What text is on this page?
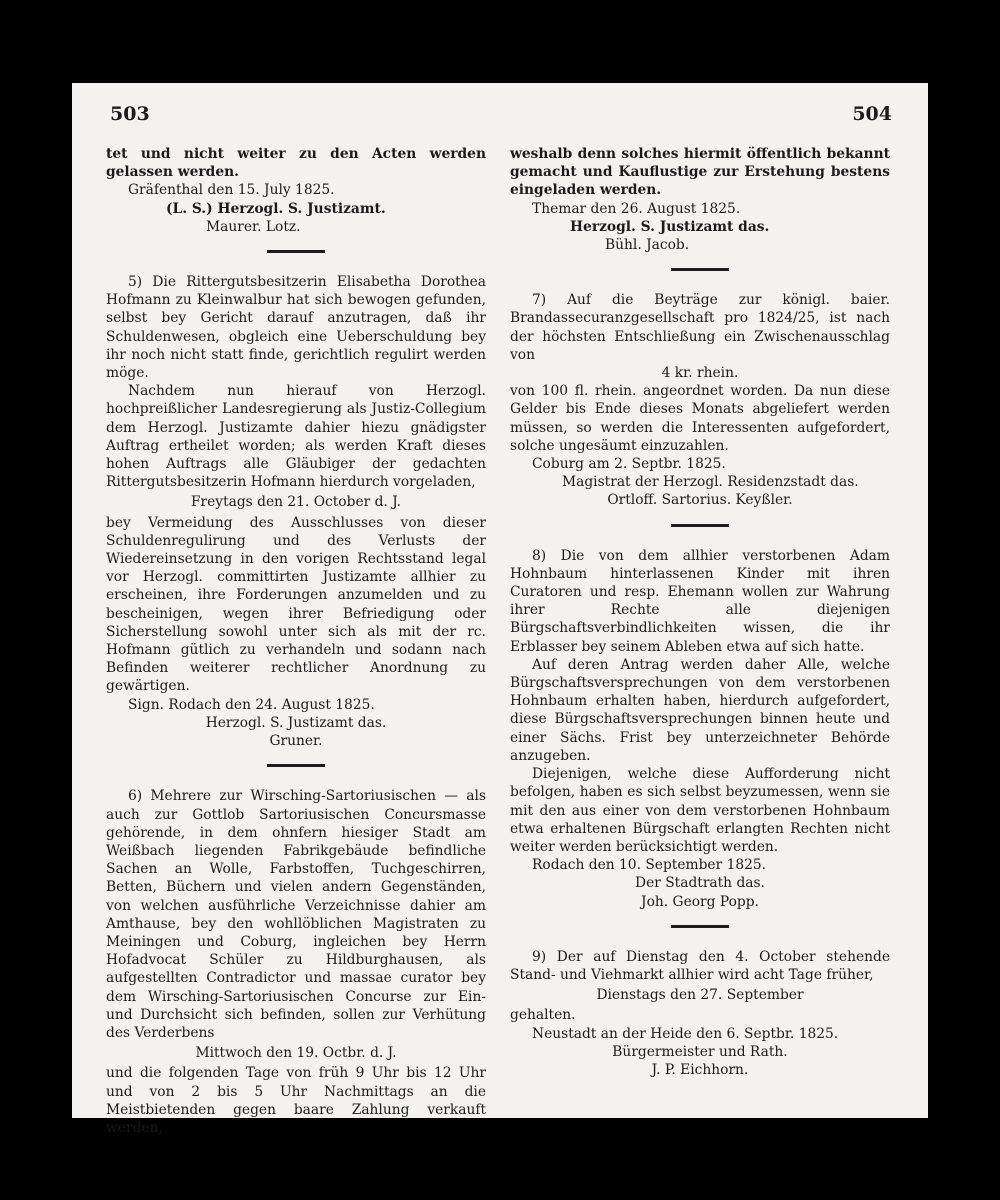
503	504

tet und nicht weiter zu den Acten werden gelassen werden.

Gräfenthal den 15. July 1825.

(L. S.) Herzogl. S. Justizamt.

Maurer. Lotz.

5) Die Rittergutsbesitzerin Elisabetha Dorothea Hofmann zu Kleinwalbur hat sich bewogen gefunden, selbst bey Gericht darauf anzutragen, daß ihr Schuldenwesen, obgleich eine Ueberschuldung bey ihr noch nicht statt finde, gerichtlich regulirt werden möge.

Nachdem nun hierauf von Herzogl. hochpreißlicher Landesregierung als Justiz-Collegium dem Herzogl. Justizamte dahier hiezu gnädigster Auftrag ertheilet worden; als werden Kraft dieses hohen Auftrags alle Gläubiger der gedachten Rittergutsbesitzerin Hofmann hierdurch vorgeladen,

Freytags den 21. October d. J.

bey Vermeidung des Ausschlusses von dieser Schuldenregulirung und des Verlusts der Wiedereinsetzung in den vorigen Rechtsstand legal vor Herzogl. committirten Justizamte allhier zu erscheinen, ihre Forderungen anzumelden und zu bescheinigen, wegen ihrer Befriedigung oder Sicherstellung sowohl unter sich als mit der rc. Hofmann gütlich zu verhandeln und sodann nach Befinden weiterer rechtlicher Anordnung zu gewärtigen.

Sign. Rodach den 24. August 1825.

Herzogl. S. Justizamt das.

Gruner.

6) Mehrere zur Wirsching-Sartoriusischen — als auch zur Gottlob Sartoriusischen Concursmasse gehörende, in dem ohnfern hiesiger Stadt am Weißbach liegenden Fabrikgebäude befindliche Sachen an Wolle, Farbstoffen, Tuchgeschirren, Betten, Büchern und vielen andern Gegenständen, von welchen ausführliche Verzeichnisse dahier am Amthause, bey den wohllöblichen Magistraten zu Meiningen und Coburg, ingleichen bey Herrn Hofadvocat Schüler zu Hildburghausen, als aufgestellten Contradictor und massae curator bey dem Wirsching-Sartoriusischen Concurse zur Ein- und Durchsicht sich befinden, sollen zur Verhütung des Verderbens

Mittwoch den 19. Octbr. d. J.

und die folgenden Tage von früh 9 Uhr bis 12 Uhr und von 2 bis 5 Uhr Nachmittags an die Meistbietenden gegen baare Zahlung verkauft werden,

weshalb denn solches hiermit öffentlich bekannt gemacht und Kauflustige zur Erstehung bestens eingeladen werden.

Themar den 26. August 1825.

Herzogl. S. Justizamt das.

Bühl. Jacob.

7) Auf die Beyträge zur königl. baier. Brandassecuranzgesellschaft pro 1824/25, ist nach der höchsten Entschließung ein Zwischenausschlag von

4 kr. rhein.

von 100 fl. rhein. angeordnet worden. Da nun diese Gelder bis Ende dieses Monats abgeliefert werden müssen, so werden die Interessenten aufgefordert, solche ungesäumt einzuzahlen.

Coburg am 2. Septbr. 1825.

Magistrat der Herzogl. Residenzstadt das.

Ortloff. Sartorius. Keyßler.

8) Die von dem allhier verstorbenen Adam Hohnbaum hinterlassenen Kinder mit ihren Curatoren und resp. Ehemann wollen zur Wahrung ihrer Rechte alle diejenigen Bürgschaftsverbindlichkeiten wissen, die ihr Erblasser bey seinem Ableben etwa auf sich hatte.

Auf deren Antrag werden daher Alle, welche Bürgschaftsversprechungen von dem verstorbenen Hohnbaum erhalten haben, hierdurch aufgefordert, diese Bürgschaftsversprechungen binnen heute und einer Sächs. Frist bey unterzeichneter Behörde anzugeben.

Diejenigen, welche diese Aufforderung nicht befolgen, haben es sich selbst beyzumessen, wenn sie mit den aus einer von dem verstorbenen Hohnbaum etwa erhaltenen Bürgschaft erlangten Rechten nicht weiter werden berücksichtigt werden.

Rodach den 10. September 1825.

Der Stadtrath das.

Joh. Georg Popp.

9) Der auf Dienstag den 4. October stehende Stand- und Viehmarkt allhier wird acht Tage früher,

Dienstags den 27. September

gehalten.

Neustadt an der Heide den 6. Septbr. 1825.

Bürgermeister und Rath.

J. P. Eichhorn.
